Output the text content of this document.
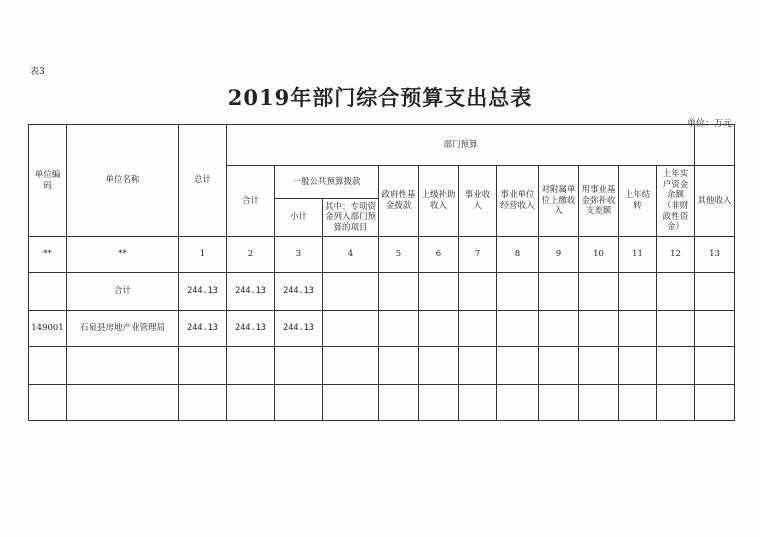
表3
2019年部门综合预算支出总表
单位：万元
单位编码	单位名称	总计	部门预算											
			合计	一般公共预算拨款		政府性基金拨款	上级补助收入	事业收入	事业单位经营收入	对附属单位上缴收入	用事业基金弥补收支差额	上年结转	上年实户资金余额（非财政性资金）	其他收入
				小计	其中：专项资金列入部门预算的项目									
**	**	1	2	3	4	5	6	7	8	9	10	11	12	13
	合计	244.13	244.13	244.13										
149001	石泉县房地产业管理局	244.13	244.13	244.13										
